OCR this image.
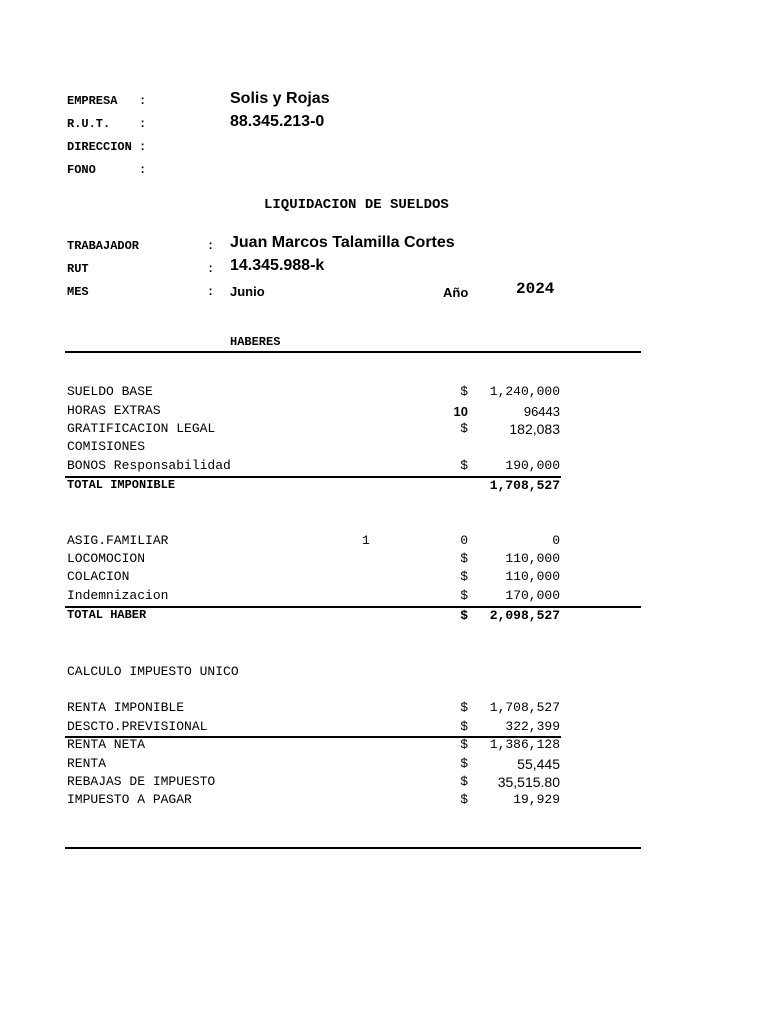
EMPRESA   :	Solis y Rojas
R.U.T.    :	88.345.213-0
DIRECCION :
FONO      :
LIQUIDACION DE SUELDOS
TRABAJADOR	: Juan Marcos Talamilla Cortes
RUT	: 14.345.988-k
MES	: Junio	Año	2024
HABERES
SUELDO BASE	$	1,240,000
HORAS EXTRAS	10	96443
GRATIFICACION LEGAL	$	182,083
COMISIONES
BONOS Responsabilidad	$	190,000
TOTAL IMPONIBLE	1,708,527
ASIG.FAMILIAR	1	0	0
LOCOMOCION	$	110,000
COLACION	$	110,000
Indemnizacion	$	170,000
TOTAL HABER	$	2,098,527
CALCULO IMPUESTO UNICO
RENTA IMPONIBLE	$	1,708,527
DESCTO.PREVISIONAL	$	322,399
RENTA NETA	$	1,386,128
RENTA	$	55,445
REBAJAS DE IMPUESTO	$	35,515.80
IMPUESTO A PAGAR	$	19,929
